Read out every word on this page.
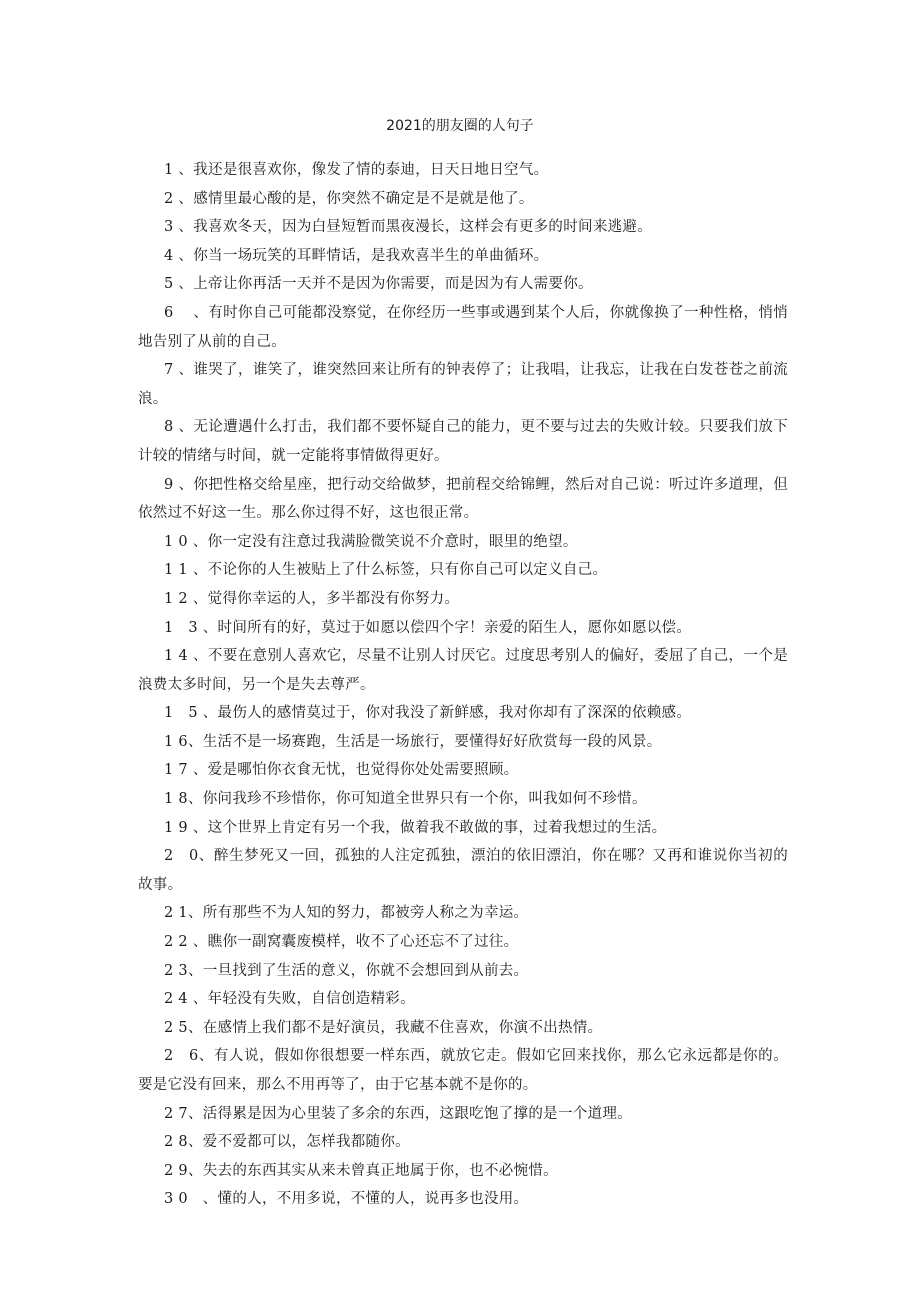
2021的朋友圈的人句子

1 、我还是很喜欢你，像发了情的泰迪，日天日地日空气。

2 、感情里最心酸的是，你突然不确定是不是就是他了。

3 、我喜欢冬天，因为白昼短暂而黑夜漫长，这样会有更多的时间来逃避。

4 、你当一场玩笑的耳畔情话，是我欢喜半生的单曲循环。

5 、上帝让你再活一天并不是因为你需要，而是因为有人需要你。

6　 、有时你自己可能都没察觉，在你经历一些事或遇到某个人后，你就像换了一种性格，悄悄地告别了从前的自己。

7 、谁哭了，谁笑了，谁突然回来让所有的钟表停了；让我唱，让我忘，让我在白发苍苍之前流浪。

8 、无论遭遇什么打击，我们都不要怀疑自己的能力，更不要与过去的失败计较。只要我们放下计较的情绪与时间，就一定能将事情做得更好。

9 、你把性格交给星座，把行动交给做梦，把前程交给锦鲤，然后对自己说：听过许多道理，但依然过不好这一生。那么你过得不好，这也很正常。

1 0 、你一定没有注意过我满脸微笑说不介意时，眼里的绝望。

1 1 、不论你的人生被贴上了什么标签，只有你自己可以定义自己。

1 2 、觉得你幸运的人，多半都没有你努力。

1　3 、时间所有的好，莫过于如愿以偿四个字！亲爱的陌生人，愿你如愿以偿。

1 4 、不要在意别人喜欢它，尽量不让别人讨厌它。过度思考别人的偏好，委屈了自己，一个是浪费太多时间，另一个是失去尊严。

1　5 、最伤人的感情莫过于，你对我没了新鲜感，我对你却有了深深的依赖感。

1 6、生活不是一场赛跑，生活是一场旅行，要懂得好好欣赏每一段的风景。

1 7 、爱是哪怕你衣食无忧，也觉得你处处需要照顾。

1 8、你问我珍不珍惜你，你可知道全世界只有一个你，叫我如何不珍惜。

1 9 、这个世界上肯定有另一个我，做着我不敢做的事，过着我想过的生活。

2　0、醉生梦死又一回，孤独的人注定孤独，漂泊的依旧漂泊，你在哪？又再和谁说你当初的故事。

2 1、所有那些不为人知的努力，都被旁人称之为幸运。

2 2 、瞧你一副窝囊废模样，收不了心还忘不了过往。

2 3、一旦找到了生活的意义，你就不会想回到从前去。

2 4 、年轻没有失败，自信创造精彩。

2 5、在感情上我们都不是好演员，我藏不住喜欢，你演不出热情。

2　6、有人说，假如你很想要一样东西，就放它走。假如它回来找你，那么它永远都是你的。要是它没有回来，那么不用再等了，由于它基本就不是你的。

2 7、活得累是因为心里装了多余的东西，这跟吃饱了撑的是一个道理。

2 8、爱不爱都可以，怎样我都随你。

2 9、失去的东西其实从来未曾真正地属于你，也不必惋惜。

3 0　、懂的人，不用多说，不懂的人，说再多也没用。
